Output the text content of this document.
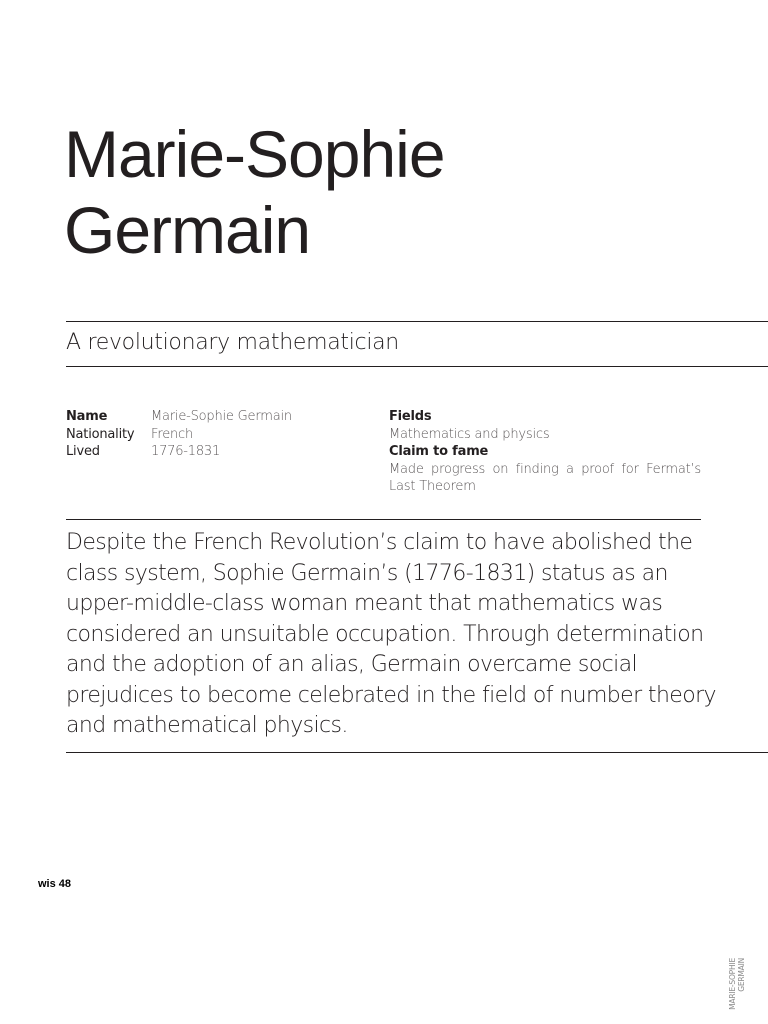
Marie-Sophie
Germain

A revolutionary mathematician

Name	Marie-Sophie Germain
Nationality	French
Lived	1776-1831
Fields
Mathematics and physics
Claim to fame
Made progress on finding a proof for Fermat’s
Last Theorem

Despite the French Revolution’s claim to have abolished the
class system, Sophie Germain’s (1776-1831) status as an
upper-middle-class woman meant that mathematics was
considered an unsuitable occupation. Through determination
and the adoption of an alias, Germain overcame social
prejudices to become celebrated in the field of number theory
and mathematical physics.

wis 48
MARIE-SOPHIE GERMAIN
